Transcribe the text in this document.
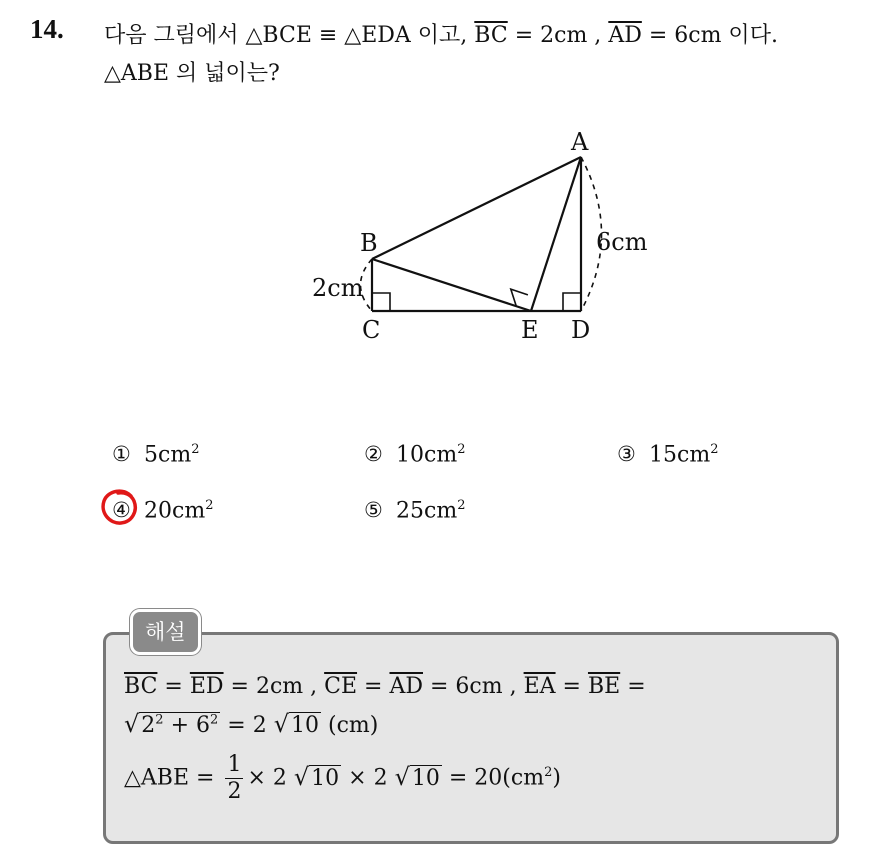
14. 다음 그림에서 △BCE ≡ △EDA 이고, $\overline{BC} = 2cm$ , $\overline{AD} = 6cm$ 이다.
△ABE 의 넓이는?
A
B
C	D
E
2cm
6cm
① $5cm^2$	② $10cm^2$	③ $15cm^2$
④ $20cm^2$	⑤ $25cm^2$
해설
$\overline{BC} = \overline{ED} = 2cm$ , $\overline{CE} = \overline{AD} = 6cm$ , $\overline{EA} = \overline{BE}$ =
$√2^2 + 6^2 = 2$ √10 (cm)
△ABE = $\frac{1}{2} \times 2$ √10 × 2 $√10 = 20(cm^2)$
